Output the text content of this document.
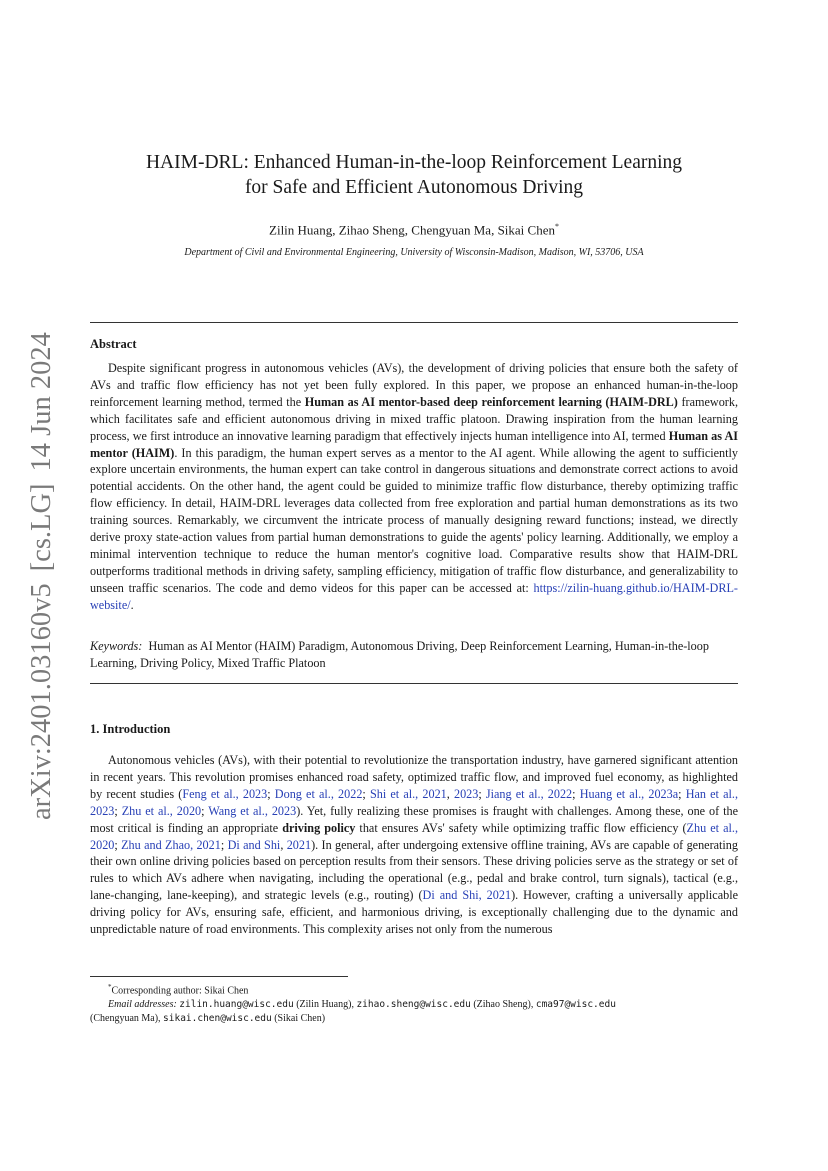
arXiv:2401.03160v5[cs.LG]14 Jun 2024
HAIM-DRL: Enhanced Human-in-the-loop Reinforcement Learning
for Safe and Efficient Autonomous Driving
Zilin Huang, Zihao Sheng, Chengyuan Ma, Sikai Chen*
Department of Civil and Environmental Engineering, University of Wisconsin-Madison, Madison, WI, 53706, USA
Abstract

Despite significant progress in autonomous vehicles (AVs), the development of driving policies that ensure both the safety of AVs and traffic flow efficiency has not yet been fully explored. In this paper, we propose an enhanced human-in-the-loop reinforcement learning method, termed the Human as AI mentor-based deep reinforcement learning (HAIM-DRL) framework, which facilitates safe and efficient autonomous driving in mixed traffic platoon. Drawing inspiration from the human learning process, we first introduce an innovative learning paradigm that effectively injects human intelligence into AI, termed Human as AI mentor (HAIM). In this paradigm, the human expert serves as a mentor to the AI agent. While allowing the agent to sufficiently explore uncertain environments, the human expert can take control in dangerous situations and demonstrate correct actions to avoid potential accidents. On the other hand, the agent could be guided to minimize traffic flow disturbance, thereby optimizing traffic flow efficiency. In detail, HAIM-DRL leverages data collected from free exploration and partial human demonstrations as its two training sources. Remarkably, we circumvent the intricate process of manually designing reward functions; instead, we directly derive proxy state-action values from partial human demonstrations to guide the agents' policy learning. Additionally, we employ a minimal intervention technique to reduce the human mentor's cognitive load. Comparative results show that HAIM-DRL outperforms traditional methods in driving safety, sampling efficiency, mitigation of traffic flow disturbance, and generalizability to unseen traffic scenarios. The code and demo videos for this paper can be accessed at: https://zilin-huang.github.io/HAIM-DRL-website/.

Keywords: Human as AI Mentor (HAIM) Paradigm, Autonomous Driving, Deep Reinforcement Learning, Human-in-the-loop Learning, Driving Policy, Mixed Traffic Platoon
1. Introduction

Autonomous vehicles (AVs), with their potential to revolutionize the transportation industry, have garnered significant attention in recent years. This revolution promises enhanced road safety, optimized traffic flow, and improved fuel economy, as highlighted by recent studies (Feng et al., 2023; Dong et al., 2022; Shi et al., 2021, 2023; Jiang et al., 2022; Huang et al., 2023a; Han et al., 2023; Zhu et al., 2020; Wang et al., 2023). Yet, fully realizing these promises is fraught with challenges. Among these, one of the most critical is finding an appropriate driving policy that ensures AVs' safety while optimizing traffic flow efficiency (Zhu et al., 2020; Zhu and Zhao, 2021; Di and Shi, 2021). In general, after undergoing extensive offline training, AVs are capable of generating their own online driving policies based on perception results from their sensors. These driving policies serve as the strategy or set of rules to which AVs adhere when navigating, including the operational (e.g., pedal and brake control, turn signals), tactical (e.g., lane-changing, lane-keeping), and strategic levels (e.g., routing) (Di and Shi, 2021). However, crafting a universally applicable driving policy for AVs, ensuring safe, efficient, and harmonious driving, is exceptionally challenging due to the dynamic and unpredictable nature of road environments. This complexity arises not only from the numerous

*Corresponding author: Sikai Chen
Email addresses: zilin.huang@wisc.edu (Zilin Huang), zihao.sheng@wisc.edu (Zihao Sheng), cma97@wisc.edu
(Chengyuan Ma), sikai.chen@wisc.edu (Sikai Chen)
